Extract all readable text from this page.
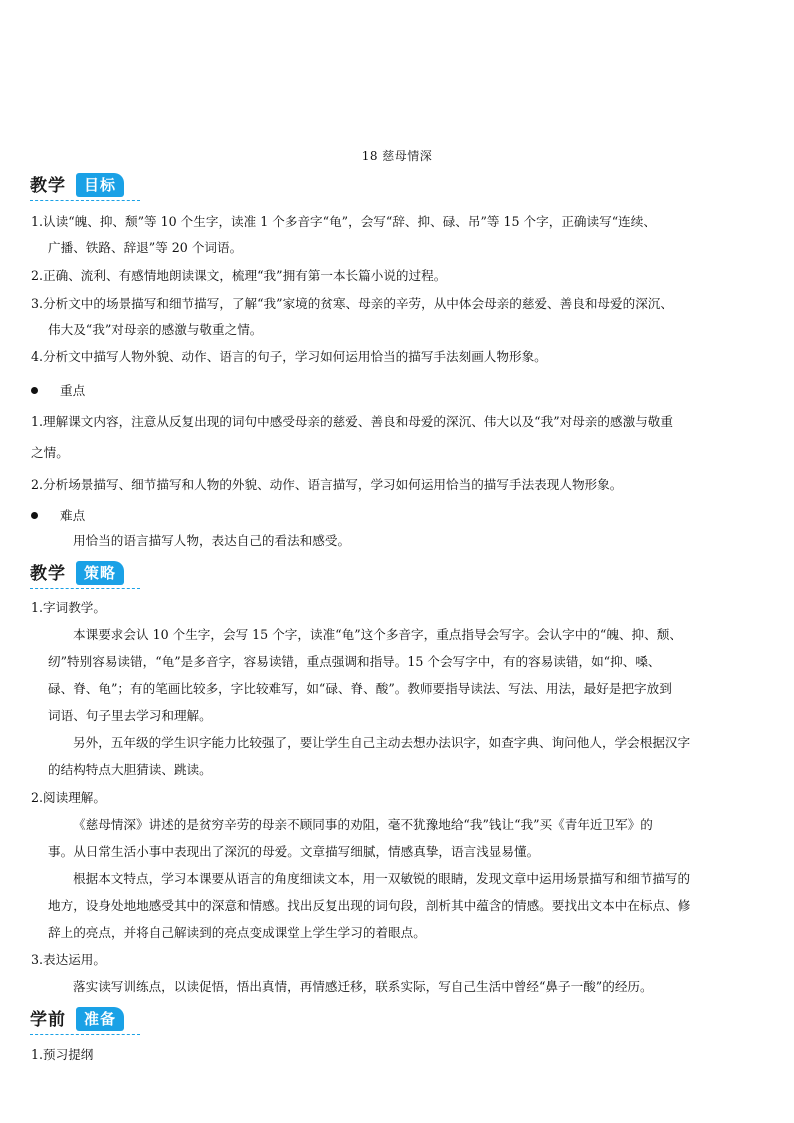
18 慈母情深
教学	目标
1.认读“魄、抑、颓”等 10 个生字，读准 1 个多音字“龟”，会写“辞、抑、碌、吊”等 15 个字，正确读写“连续、
广播、铁路、辞退”等 20 个词语。
2.正确、流利、有感情地朗读课文，梳理“我”拥有第一本长篇小说的过程。
3.分析文中的场景描写和细节描写，了解“我”家境的贫寒、母亲的辛劳，从中体会母亲的慈爱、善良和母爱的深沉、
伟大及“我”对母亲的感激与敬重之情。
4.分析文中描写人物外貌、动作、语言的句子，学习如何运用恰当的描写手法刻画人物形象。
重点
1.理解课文内容，注意从反复出现的词句中感受母亲的慈爱、善良和母爱的深沉、伟大以及“我”对母亲的感激与敬重
之情。
2.分析场景描写、细节描写和人物的外貌、动作、语言描写，学习如何运用恰当的描写手法表现人物形象。
难点
用恰当的语言描写人物，表达自己的看法和感受。
教学	策略
1.字词教学。
本课要求会认 10 个生字，会写 15 个字，读准“龟”这个多音字，重点指导会写字。会认字中的“魄、抑、颓、
纫”特别容易读错，“龟”是多音字，容易读错，重点强调和指导。15 个会写字中，有的容易读错，如“抑、嗓、
碌、脊、龟”；有的笔画比较多，字比较难写，如“碌、脊、酸”。教师要指导读法、写法、用法，最好是把字放到
词语、句子里去学习和理解。
另外，五年级的学生识字能力比较强了，要让学生自己主动去想办法识字，如查字典、询问他人，学会根据汉字
的结构特点大胆猜读、跳读。
2.阅读理解。
《慈母情深》讲述的是贫穷辛劳的母亲不顾同事的劝阻，毫不犹豫地给“我”钱让“我”买《青年近卫军》的
事。从日常生活小事中表现出了深沉的母爱。文章描写细腻，情感真挚，语言浅显易懂。
根据本文特点，学习本课要从语言的角度细读文本，用一双敏锐的眼睛，发现文章中运用场景描写和细节描写的
地方，设身处地地感受其中的深意和情感。找出反复出现的词句段，剖析其中蕴含的情感。要找出文本中在标点、修
辞上的亮点，并将自己解读到的亮点变成课堂上学生学习的着眼点。
3.表达运用。
落实读写训练点，以读促悟，悟出真情，再情感迁移，联系实际，写自己生活中曾经“鼻子一酸”的经历。
学前	准备
1.预习提纲
